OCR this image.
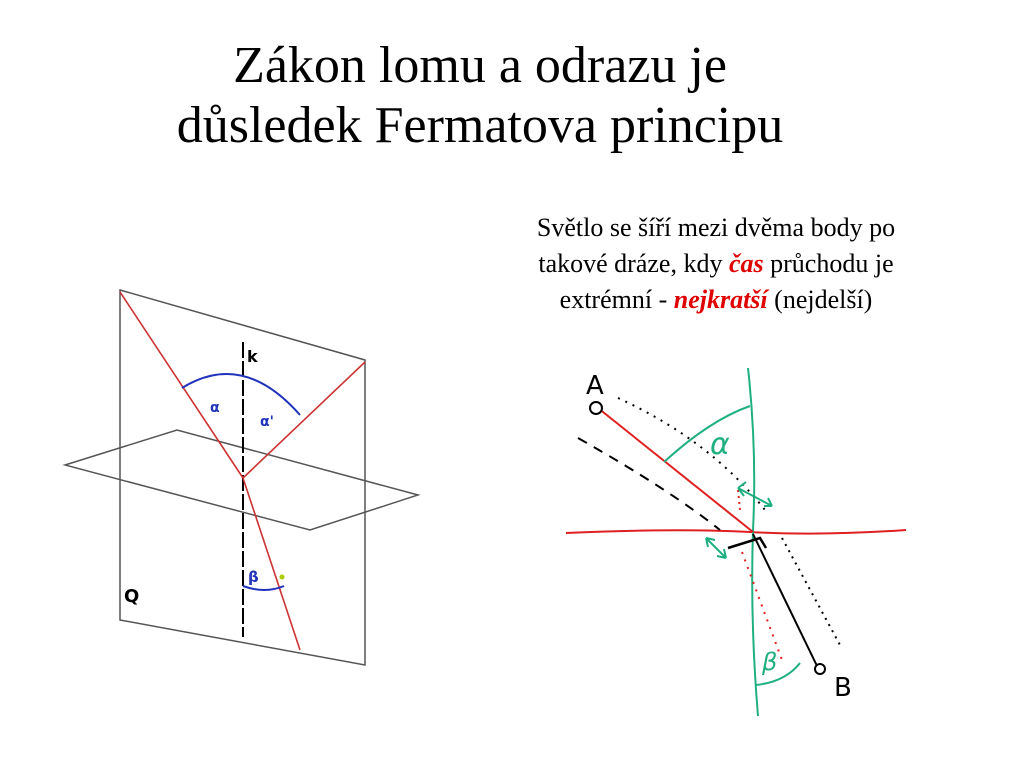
Zákon lomu a odrazu je
důsledek Fermatova principu
Světlo se šíří mezi dvěma body po
takové dráze, kdy čas průchodu je
extrémní - nejkratší (nejdelší)
k
α
α'
β
Q
A
B
α
β
